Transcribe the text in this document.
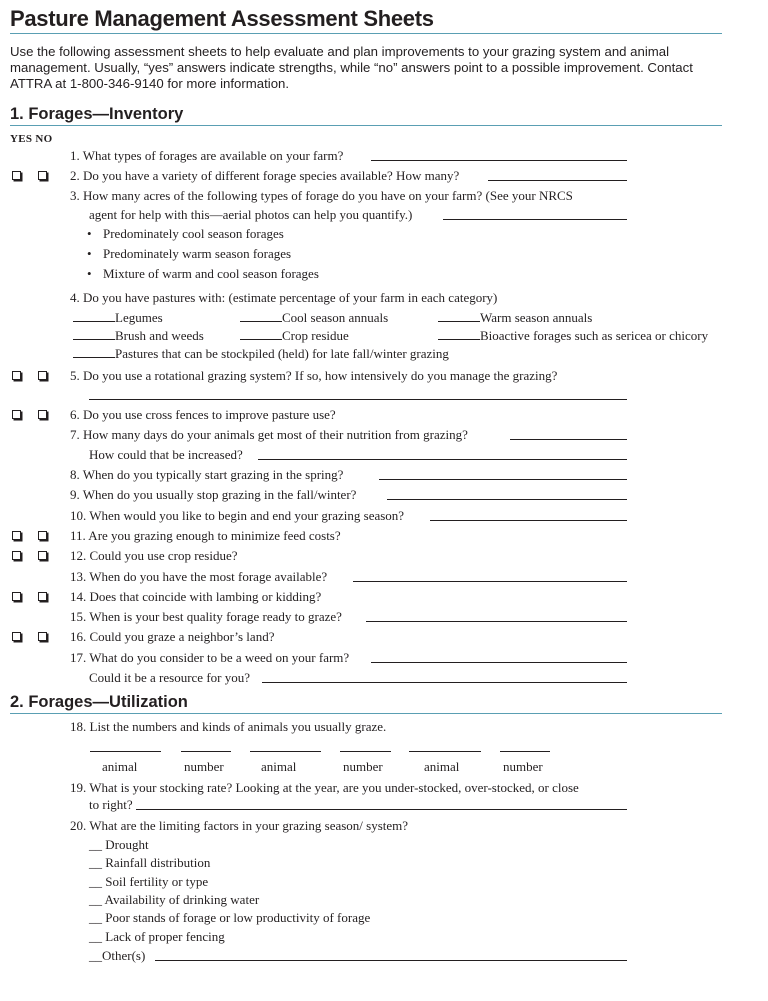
Pasture Management Assessment Sheets
Use the following assessment sheets to help evaluate and plan improvements to your grazing system and animal management. Usually, “yes” answers indicate strengths, while “no” answers point to a possible improvement. Contact ATTRA at 1-800-346-9140 for more information.
1. Forages—Inventory
YES NO
1. What types of forages are available on your farm?
2. Do you have a variety of different forage species available? How many?
3. How many acres of the following types of forage do you have on your farm? (See your NRCS
agent for help with this—aerial photos can help you quantify.)
• Predominately cool season forages
• Predominately warm season forages
• Mixture of warm and cool season forages
4. Do you have pastures with: (estimate percentage of your farm in each category)
Legumes	Cool season annuals	Warm season annuals
Brush and weeds	Crop residue	Bioactive forages such as sericea or chicory
Pastures that can be stockpiled (held) for late fall/winter grazing
5. Do you use a rotational grazing system? If so, how intensively do you manage the grazing?
6. Do you use cross fences to improve pasture use?
7. How many days do your animals get most of their nutrition from grazing?
How could that be increased?
8. When do you typically start grazing in the spring?
9. When do you usually stop grazing in the fall/winter?
10. When would you like to begin and end your grazing season?
11. Are you grazing enough to minimize feed costs?
12. Could you use crop residue?
13. When do you have the most forage available?
14. Does that coincide with lambing or kidding?
15. When is your best quality forage ready to graze?
16. Could you graze a neighbor’s land?
17. What do you consider to be a weed on your farm?
Could it be a resource for you?
2. Forages—Utilization
18. List the numbers and kinds of animals you usually graze.
animal	number	animal	number	animal	number
19. What is your stocking rate? Looking at the year, are you under-stocked, over-stocked, or close
to right?
20. What are the limiting factors in your grazing season/ system?
__ Drought
__ Rainfall distribution
__ Soil fertility or type
__ Availability of drinking water
__ Poor stands of forage or low productivity of forage
__ Lack of proper fencing
__Other(s)
